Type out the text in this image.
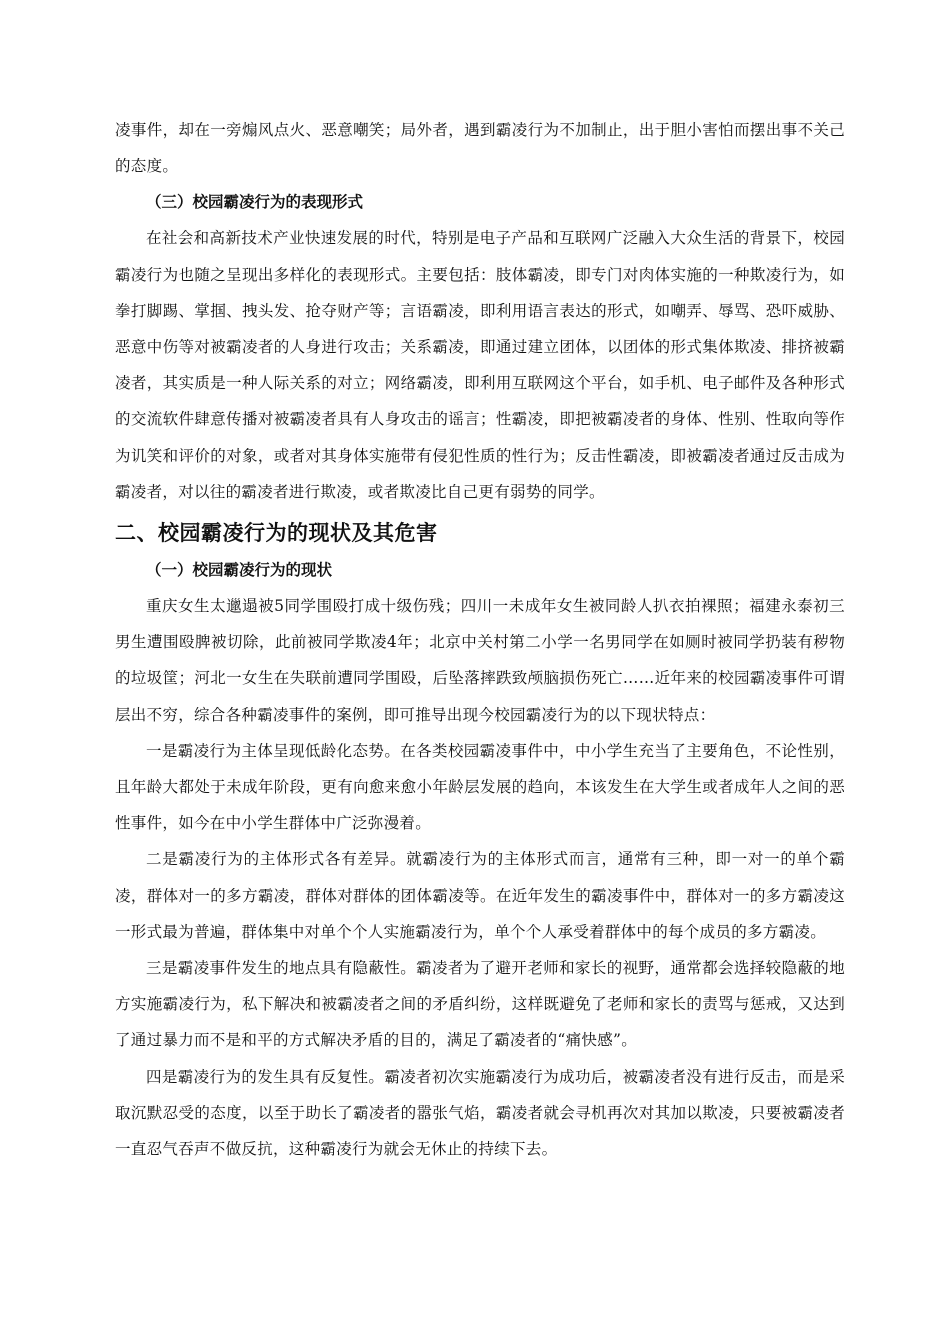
凌事件，却在一旁煽风点火、恶意嘲笑；局外者，遇到霸凌行为不加制止，出于胆小害怕而摆出事不关己的态度。

（三）校园霸凌行为的表现形式

在社会和高新技术产业快速发展的时代，特别是电子产品和互联网广泛融入大众生活的背景下，校园霸凌行为也随之呈现出多样化的表现形式。主要包括：肢体霸凌，即专门对肉体实施的一种欺凌行为，如拳打脚踢、掌掴、拽头发、抢夺财产等；言语霸凌，即利用语言表达的形式，如嘲弄、辱骂、恐吓威胁、恶意中伤等对被霸凌者的人身进行攻击；关系霸凌，即通过建立团体，以团体的形式集体欺凌、排挤被霸凌者，其实质是一种人际关系的对立；网络霸凌，即利用互联网这个平台，如手机、电子邮件及各种形式的交流软件肆意传播对被霸凌者具有人身攻击的谣言；性霸凌，即把被霸凌者的身体、性别、性取向等作为讥笑和评价的对象，或者对其身体实施带有侵犯性质的性行为；反击性霸凌，即被霸凌者通过反击成为霸凌者，对以往的霸凌者进行欺凌，或者欺凌比自己更有弱势的同学。

二、校园霸凌行为的现状及其危害

（一）校园霸凌行为的现状

重庆女生太邋遢被5同学围殴打成十级伤残；四川一未成年女生被同龄人扒衣拍裸照；福建永泰初三男生遭围殴脾被切除，此前被同学欺凌4年；北京中关村第二小学一名男同学在如厕时被同学扔装有秽物的垃圾筐；河北一女生在失联前遭同学围殴，后坠落摔跌致颅脑损伤死亡……近年来的校园霸凌事件可谓层出不穷，综合各种霸凌事件的案例，即可推导出现今校园霸凌行为的以下现状特点：

一是霸凌行为主体呈现低龄化态势。在各类校园霸凌事件中，中小学生充当了主要角色，不论性别，且年龄大都处于未成年阶段，更有向愈来愈小年龄层发展的趋向，本该发生在大学生或者成年人之间的恶性事件，如今在中小学生群体中广泛弥漫着。

二是霸凌行为的主体形式各有差异。就霸凌行为的主体形式而言，通常有三种，即一对一的单个霸凌，群体对一的多方霸凌，群体对群体的团体霸凌等。在近年发生的霸凌事件中，群体对一的多方霸凌这一形式最为普遍，群体集中对单个个人实施霸凌行为，单个个人承受着群体中的每个成员的多方霸凌。

三是霸凌事件发生的地点具有隐蔽性。霸凌者为了避开老师和家长的视野，通常都会选择较隐蔽的地方实施霸凌行为，私下解决和被霸凌者之间的矛盾纠纷，这样既避免了老师和家长的责骂与惩戒，又达到了通过暴力而不是和平的方式解决矛盾的目的，满足了霸凌者的“痛快感”。

四是霸凌行为的发生具有反复性。霸凌者初次实施霸凌行为成功后，被霸凌者没有进行反击，而是采取沉默忍受的态度，以至于助长了霸凌者的嚣张气焰，霸凌者就会寻机再次对其加以欺凌，只要被霸凌者一直忍气吞声不做反抗，这种霸凌行为就会无休止的持续下去。
